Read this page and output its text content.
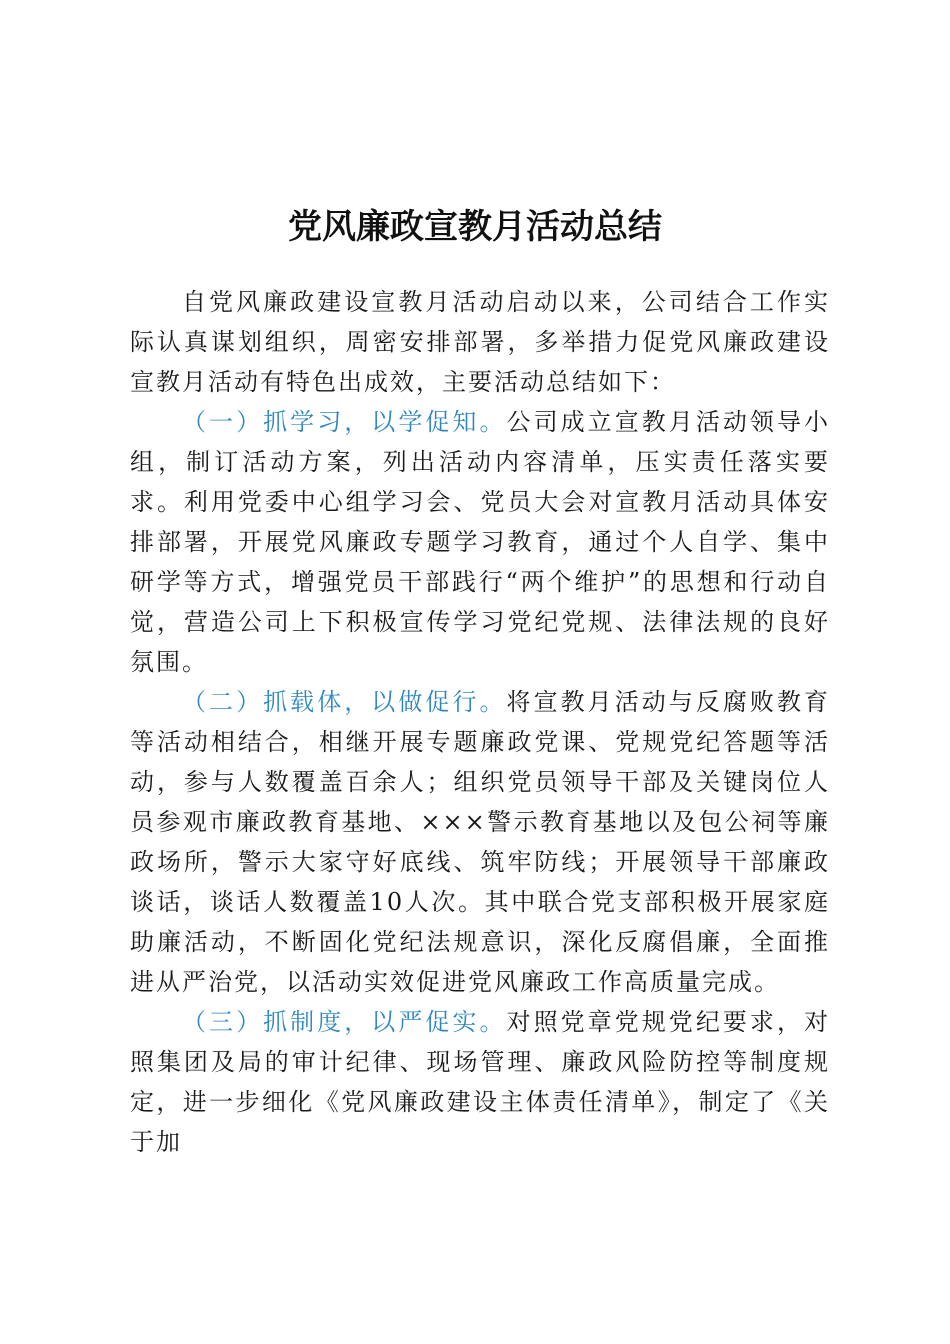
党风廉政宣教月活动总结

自党风廉政建设宣教月活动启动以来，公司结合工作实际认真谋划组织，周密安排部署，多举措力促党风廉政建设宣教月活动有特色出成效，主要活动总结如下：

（一）抓学习，以学促知。公司成立宣教月活动领导小组，制订活动方案，列出活动内容清单，压实责任落实要求。利用党委中心组学习会、党员大会对宣教月活动具体安排部署，开展党风廉政专题学习教育，通过个人自学、集中研学等方式，增强党员干部践行“两个维护”的思想和行动自觉，营造公司上下积极宣传学习党纪党规、法律法规的良好氛围。

（二）抓载体，以做促行。将宣教月活动与反腐败教育等活动相结合，相继开展专题廉政党课、党规党纪答题等活动，参与人数覆盖百余人；组织党员领导干部及关键岗位人员参观市廉政教育基地、×××警示教育基地以及包公祠等廉政场所，警示大家守好底线、筑牢防线；开展领导干部廉政谈话，谈话人数覆盖10人次。其中联合党支部积极开展家庭助廉活动，不断固化党纪法规意识，深化反腐倡廉，全面推进从严治党，以活动实效促进党风廉政工作高质量完成。

（三）抓制度，以严促实。对照党章党规党纪要求，对照集团及局的审计纪律、现场管理、廉政风险防控等制度规定，进一步细化《党风廉政建设主体责任清单》，制定了《关于加
